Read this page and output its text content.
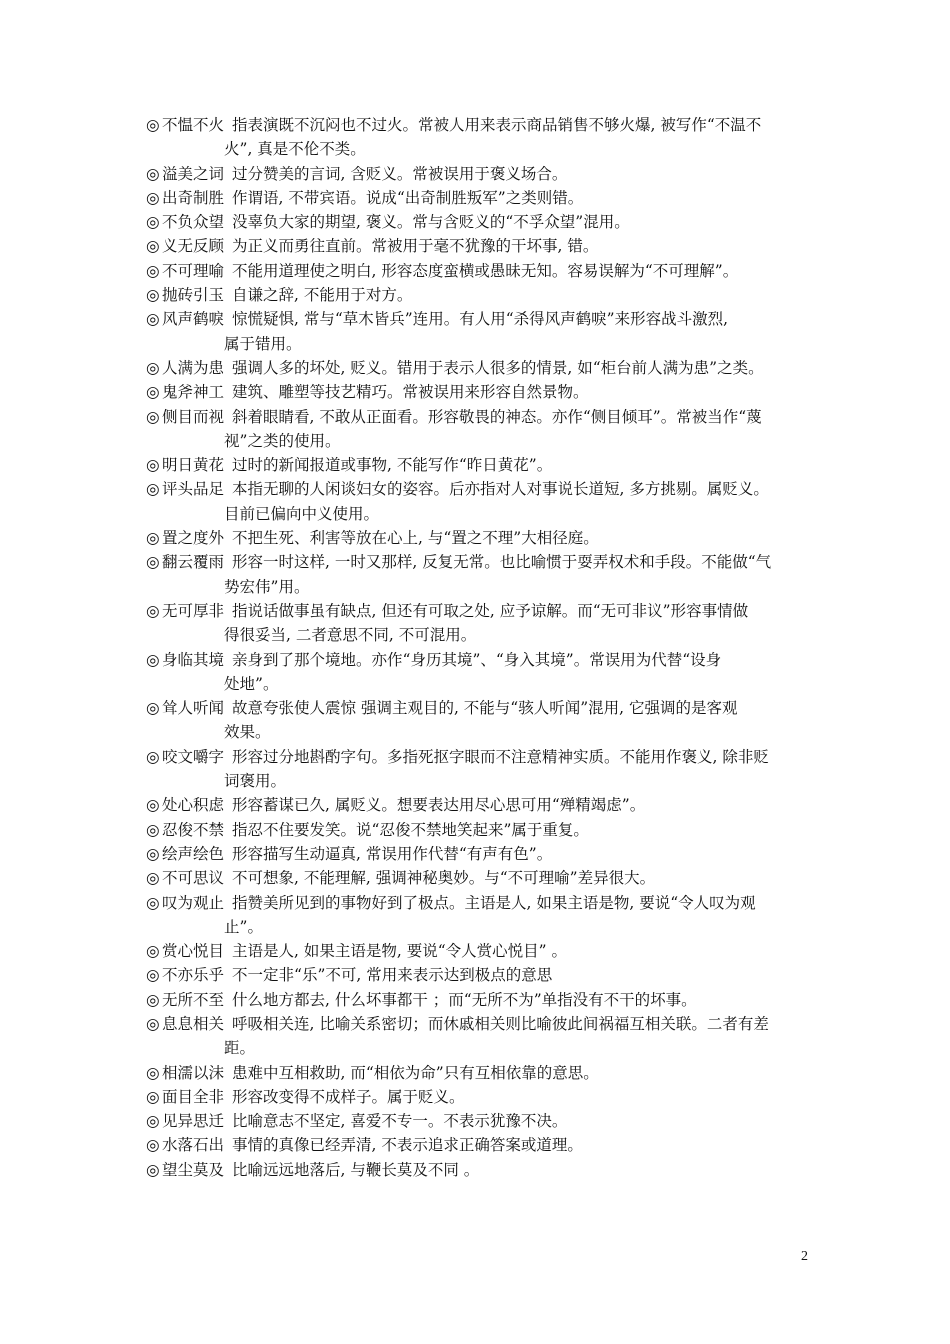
◎ 不愠不火 指表演既不沉闷也不过火。常被人用来表示商品销售不够火爆, 被写作“不温不
火”, 真是不伦不类。
◎ 溢美之词 过分赞美的言词, 含贬义。常被误用于褒义场合。
◎ 出奇制胜 作谓语, 不带宾语。说成“出奇制胜叛军”之类则错。
◎ 不负众望 没辜负大家的期望, 褒义。常与含贬义的“不孚众望”混用。
◎ 义无反顾 为正义而勇往直前。常被用于毫不犹豫的干坏事, 错。
◎ 不可理喻 不能用道理使之明白, 形容态度蛮横或愚昧无知。容易误解为“不可理解”。
◎ 抛砖引玉 自谦之辞, 不能用于对方。
◎ 风声鹤唳 惊慌疑惧, 常与“草木皆兵”连用。有人用“杀得风声鹤唳”来形容战斗激烈,
属于错用。
◎ 人满为患 强调人多的坏处, 贬义。错用于表示人很多的情景, 如“柜台前人满为患”之类。
◎ 鬼斧神工 建筑、雕塑等技艺精巧。常被误用来形容自然景物。
◎ 侧目而视 斜着眼睛看, 不敢从正面看。形容敬畏的神态。亦作“侧目倾耳”。常被当作“蔑
视”之类的使用。
◎ 明日黄花 过时的新闻报道或事物, 不能写作“昨日黄花”。
◎ 评头品足 本指无聊的人闲谈妇女的姿容。后亦指对人对事说长道短, 多方挑剔。属贬义。
目前已偏向中义使用。
◎ 置之度外 不把生死、利害等放在心上, 与“置之不理”大相径庭。
◎ 翻云覆雨 形容一时这样, 一时又那样, 反复无常。也比喻惯于耍弄权术和手段。不能做“气
势宏伟”用。
◎ 无可厚非 指说话做事虽有缺点, 但还有可取之处, 应予谅解。而“无可非议”形容事情做
得很妥当, 二者意思不同, 不可混用。
◎ 身临其境 亲身到了那个境地。亦作“身历其境”、“身入其境”。常误用为代替“设身
处地”。
◎ 耸人听闻 故意夸张使人震惊 强调主观目的, 不能与“骇人听闻”混用, 它强调的是客观
效果。
◎ 咬文嚼字 形容过分地斟酌字句。多指死抠字眼而不注意精神实质。不能用作褒义, 除非贬
词褒用。
◎ 处心积虑 形容蓄谋已久, 属贬义。想要表达用尽心思可用“殚精竭虑”。
◎ 忍俊不禁 指忍不住要发笑。说“忍俊不禁地笑起来”属于重复。
◎ 绘声绘色 形容描写生动逼真, 常误用作代替“有声有色”。
◎ 不可思议 不可想象, 不能理解, 强调神秘奥妙。与“不可理喻”差异很大。
◎ 叹为观止 指赞美所见到的事物好到了极点。主语是人, 如果主语是物, 要说“令人叹为观
止”。
◎ 赏心悦目 主语是人, 如果主语是物, 要说“令人赏心悦目” 。
◎ 不亦乐乎 不一定非“乐”不可, 常用来表示达到极点的意思
◎ 无所不至 什么地方都去, 什么坏事都干 ；而“无所不为”单指没有不干的坏事。
◎ 息息相关 呼吸相关连, 比喻关系密切；而休戚相关则比喻彼此间祸福互相关联。二者有差
距。
◎ 相濡以沫 患难中互相救助, 而“相依为命”只有互相依靠的意思。
◎ 面目全非 形容改变得不成样子。属于贬义。
◎ 见异思迁 比喻意志不坚定, 喜爱不专一。不表示犹豫不决。
◎ 水落石出 事情的真像已经弄清, 不表示追求正确答案或道理。
◎ 望尘莫及 比喻远远地落后, 与鞭长莫及不同 。
2
